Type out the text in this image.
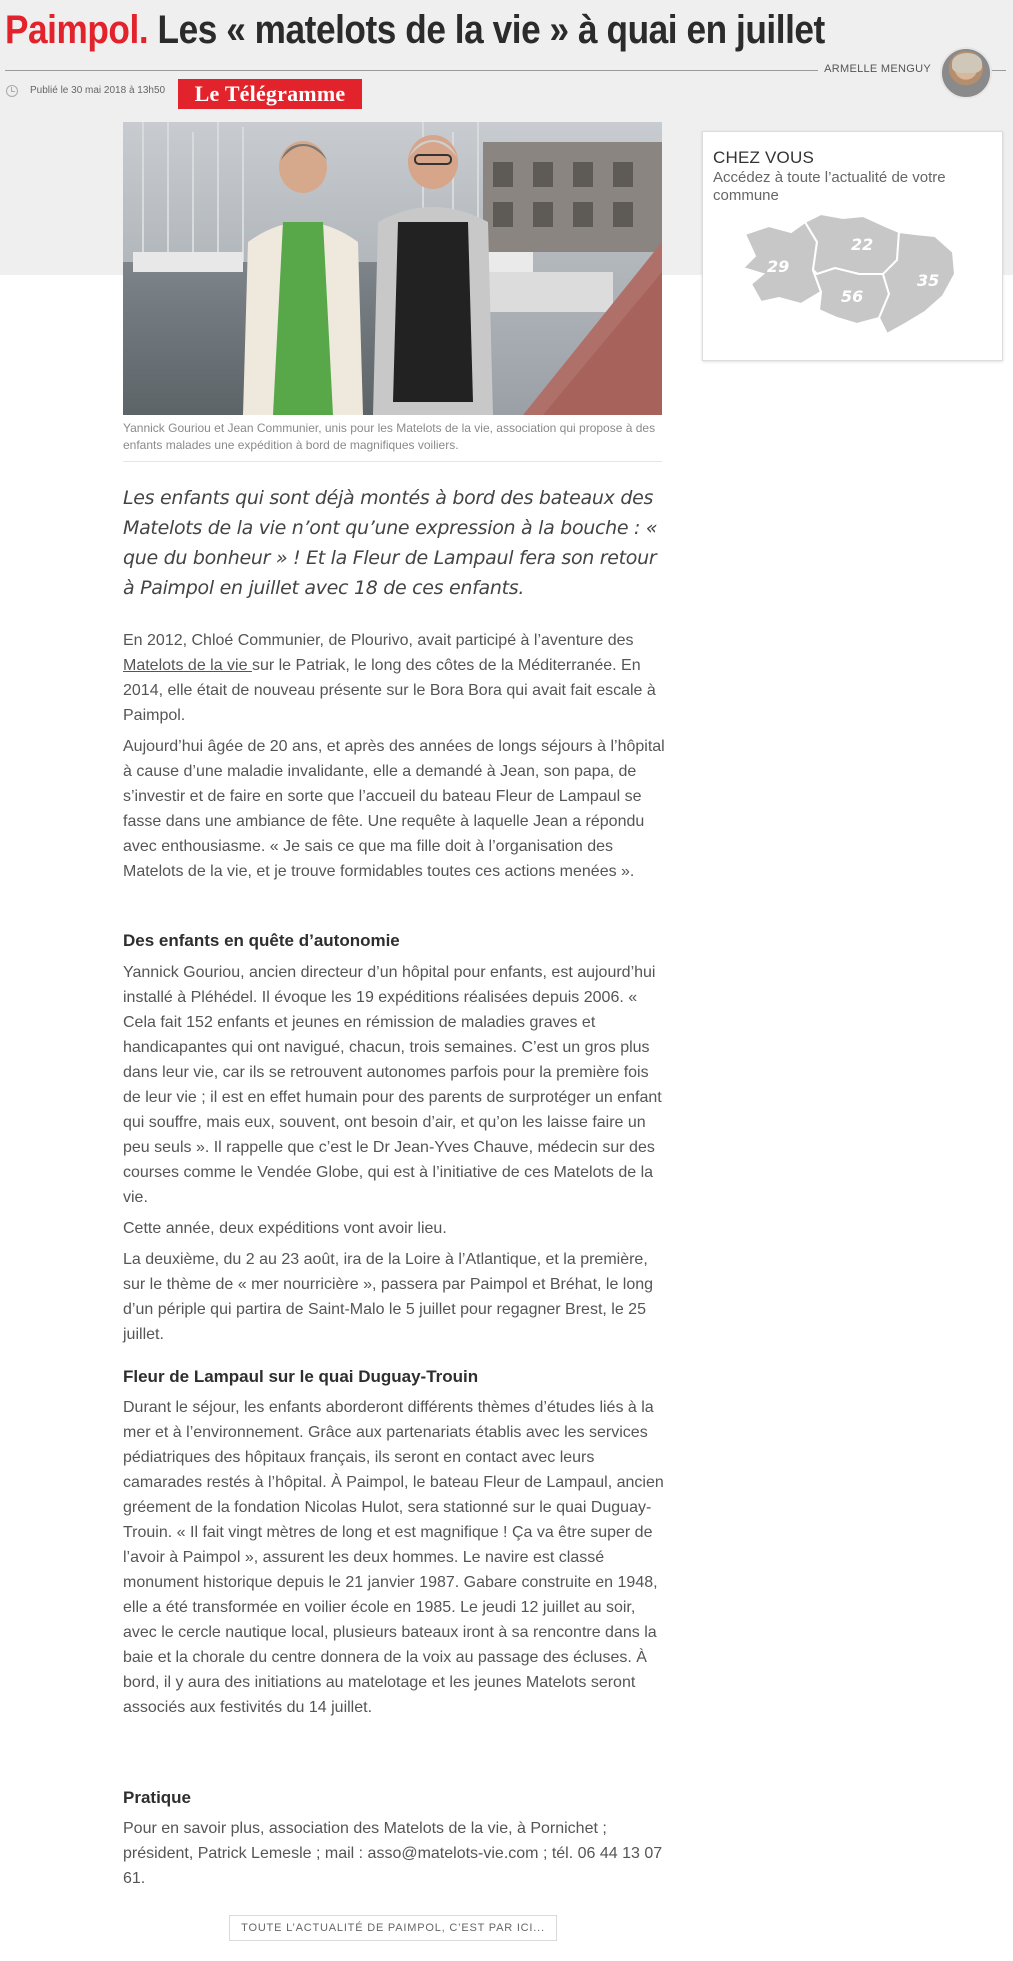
Paimpol. Les « matelots de la vie » à quai en juillet
ARMELLE MENGUY
Publié le 30 mai 2018 à 13h50	Le Télégramme
Yannick Gouriou et Jean Communier, unis pour les Matelots de la vie, association qui propose à des enfants malades une expédition à bord de magnifiques voiliers.
Les enfants qui sont déjà montés à bord des bateaux des Matelots de la vie n’ont qu’une expression à la bouche : « que du bonheur » ! Et la Fleur de Lampaul fera son retour à Paimpol en juillet avec 18 de ces enfants.

En 2012, Chloé Communier, de Plourivo, avait participé à l’aventure des Matelots de la vie sur le Patriak, le long des côtes de la Méditerranée. En 2014, elle était de nouveau présente sur le Bora Bora qui avait fait escale à Paimpol.

Aujourd’hui âgée de 20 ans, et après des années de longs séjours à l’hôpital à cause d’une maladie invalidante, elle a demandé à Jean, son papa, de s’investir et de faire en sorte que l’accueil du bateau Fleur de Lampaul se fasse dans une ambiance de fête. Une requête à laquelle Jean a répondu avec enthousiasme. « Je sais ce que ma fille doit à l’organisation des Matelots de la vie, et je trouve formidables toutes ces actions menées ».

Des enfants en quête d’autonomie

Yannick Gouriou, ancien directeur d’un hôpital pour enfants, est aujourd’hui installé à Pléhédel. Il évoque les 19 expéditions réalisées depuis 2006. « Cela fait 152 enfants et jeunes en rémission de maladies graves et handicapantes qui ont navigué, chacun, trois semaines. C’est un gros plus dans leur vie, car ils se retrouvent autonomes parfois pour la première fois de leur vie ; il est en effet humain pour des parents de surprotéger un enfant qui souffre, mais eux, souvent, ont besoin d’air, et qu’on les laisse faire un peu seuls ». Il rappelle que c’est le Dr Jean-Yves Chauve, médecin sur des courses comme le Vendée Globe, qui est à l’initiative de ces Matelots de la vie.

Cette année, deux expéditions vont avoir lieu.

La deuxième, du 2 au 23 août, ira de la Loire à l’Atlantique, et la première, sur le thème de « mer nourricière », passera par Paimpol et Bréhat, le long d’un périple qui partira de Saint-Malo le 5 juillet pour regagner Brest, le 25 juillet.

Fleur de Lampaul sur le quai Duguay-Trouin

Durant le séjour, les enfants aborderont différents thèmes d’études liés à la mer et à l’environnement. Grâce aux partenariats établis avec les services pédiatriques des hôpitaux français, ils seront en contact avec leurs camarades restés à l’hôpital. À Paimpol, le bateau Fleur de Lampaul, ancien gréement de la fondation Nicolas Hulot, sera stationné sur le quai Duguay-Trouin. « Il fait vingt mètres de long et est magnifique ! Ça va être super de l’avoir à Paimpol », assurent les deux hommes. Le navire est classé monument historique depuis le 21 janvier 1987. Gabare construite en 1948, elle a été transformée en voilier école en 1985. Le jeudi 12 juillet au soir, avec le cercle nautique local, plusieurs bateaux iront à sa rencontre dans la baie et la chorale du centre donnera de la voix au passage des écluses. À bord, il y aura des initiations au matelotage et les jeunes Matelots seront associés aux festivités du 14 juillet.

Pratique

Pour en savoir plus, association des Matelots de la vie, à Pornichet ; président, Patrick Lemesle ; mail : asso@matelots-vie.com ; tél. 06 44 13 07 61.

TOUTE L’ACTUALITÉ DE PAIMPOL, C’EST PAR ICI...
CHEZ VOUS
Accédez à toute l’actualité de votre commune
29
22
56
35
